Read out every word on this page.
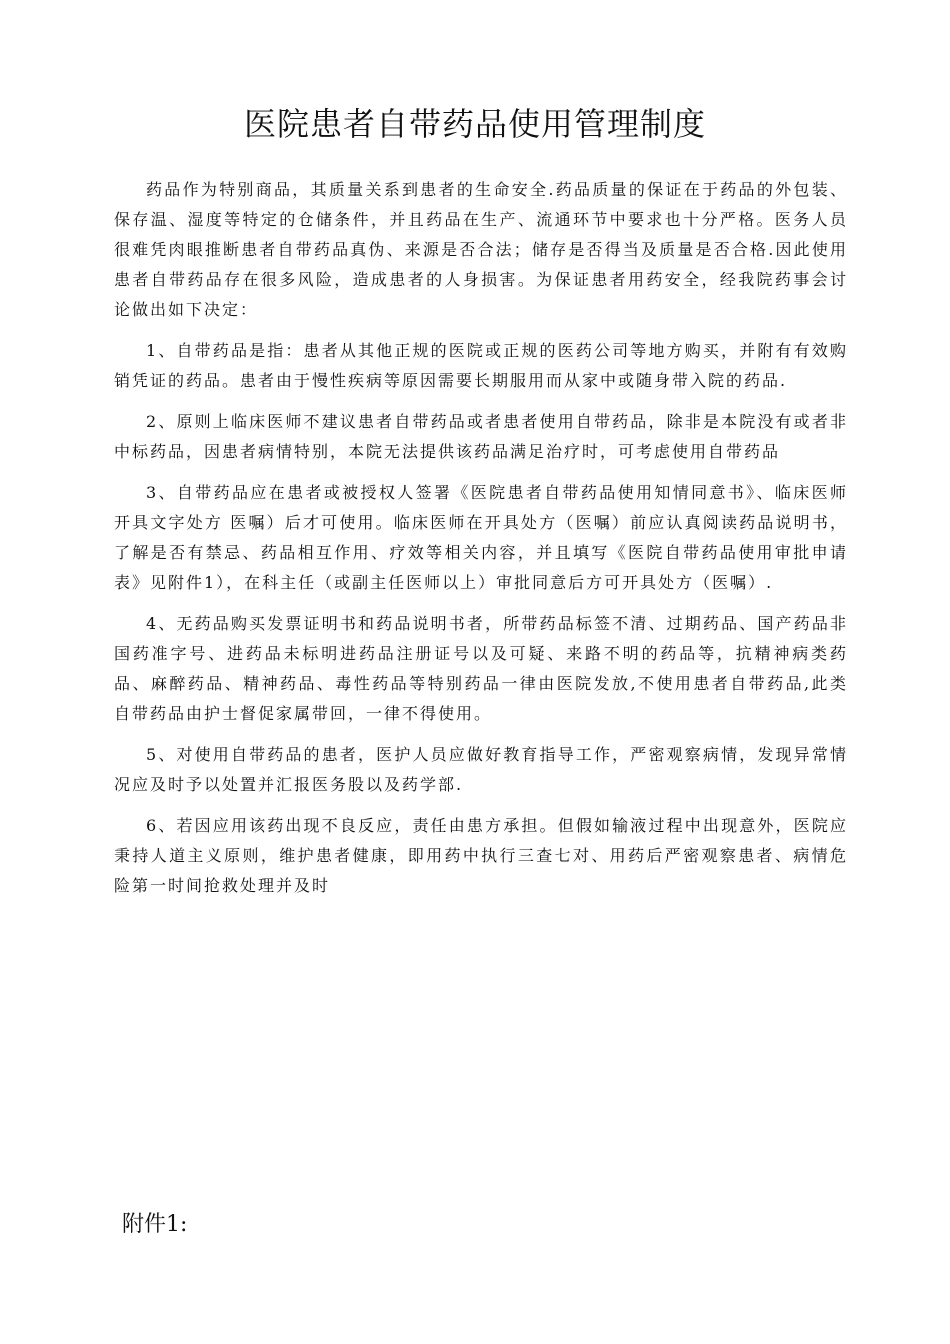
医院患者自带药品使用管理制度

药品作为特别商品，其质量关系到患者的生命安全.药品质量的保证在于药品的外包装、保存温、湿度等特定的仓储条件，并且药品在生产、流通环节中要求也十分严格。医务人员很难凭肉眼推断患者自带药品真伪、来源是否合法；储存是否得当及质量是否合格.因此使用患者自带药品存在很多风险，造成患者的人身损害。为保证患者用药安全，经我院药事会讨论做出如下决定：

1、自带药品是指：患者从其他正规的医院或正规的医药公司等地方购买，并附有有效购销凭证的药品。患者由于慢性疾病等原因需要长期服用而从家中或随身带入院的药品.

2、原则上临床医师不建议患者自带药品或者患者使用自带药品，除非是本院没有或者非中标药品，因患者病情特别，本院无法提供该药品满足治疗时，可考虑使用自带药品

3、自带药品应在患者或被授权人签署《医院患者自带药品使用知情同意书》、临床医师开具文字处方 医嘱）后才可使用。临床医师在开具处方（医嘱）前应认真阅读药品说明书，了解是否有禁忌、药品相互作用、疗效等相关内容，并且填写《医院自带药品使用审批申请表》见附件1），在科主任（或副主任医师以上）审批同意后方可开具处方（医嘱）.

4、无药品购买发票证明书和药品说明书者，所带药品标签不清、过期药品、国产药品非国药准字号、进药品未标明进药品注册证号以及可疑、来路不明的药品等，抗精神病类药品、麻醉药品、精神药品、毒性药品等特别药品一律由医院发放,不使用患者自带药品,此类自带药品由护士督促家属带回，一律不得使用。

5、对使用自带药品的患者，医护人员应做好教育指导工作，严密观察病情，发现异常情况应及时予以处置并汇报医务股以及药学部.

6、若因应用该药出现不良反应，责任由患方承担。但假如输液过程中出现意外，医院应秉持人道主义原则，维护患者健康，即用药中执行三查七对、用药后严密观察患者、病情危险第一时间抢救处理并及时

附件1:
